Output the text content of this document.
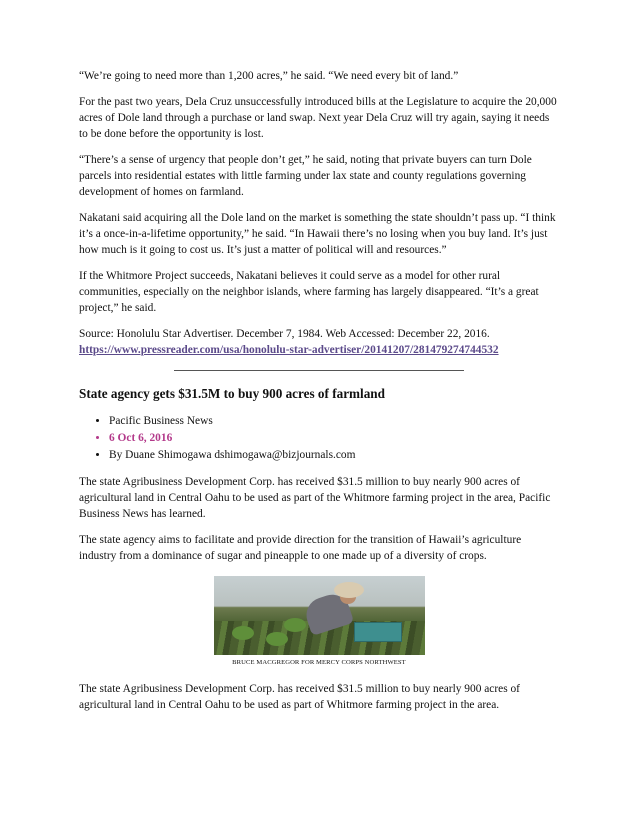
“We’re going to need more than 1,200 acres,” he said. “We need every bit of land.”

For the past two years, Dela Cruz unsuccessfully introduced bills at the Legislature to acquire the 20,000 acres of Dole land through a purchase or land swap. Next year Dela Cruz will try again, saying it needs to be done before the opportunity is lost.

“There’s a sense of urgency that people don’t get,” he said, noting that private buyers can turn Dole parcels into residential estates with little farming under lax state and county regulations governing development of homes on farmland.

Nakatani said acquiring all the Dole land on the market is something the state shouldn’t pass up. “I think it’s a once-in-a-lifetime opportunity,” he said. “In Hawaii there’s no losing when you buy land. It’s just how much is it going to cost us. It’s just a matter of political will and resources.”

If the Whitmore Project succeeds, Nakatani believes it could serve as a model for other rural communities, especially on the neighbor islands, where farming has largely disappeared. “It’s a great project,” he said.

Source: Honolulu Star Advertiser. December 7, 1984. Web Accessed: December 22, 2016.
https://www.pressreader.com/usa/honolulu-star-advertiser/20141207/281479274744532

State agency gets $31.5M to buy 900 acres of farmland
• Pacific Business News
• 6 Oct 6, 2016
• By Duane Shimogawa dshimogawa@bizjournals.com

The state Agribusiness Development Corp. has received $31.5 million to buy nearly 900 acres of agricultural land in Central Oahu to be used as part of the Whitmore farming project in the area, Pacific Business News has learned.

The state agency aims to facilitate and provide direction for the transition of Hawaii’s agriculture industry from a dominance of sugar and pineapple to one made up of a diversity of crops.

BRUCE MACGREGOR FOR MERCY CORPS NORTHWEST

The state Agribusiness Development Corp. has received $31.5 million to buy nearly 900 acres of agricultural land in Central Oahu to be used as part of Whitmore farming project in the area.
